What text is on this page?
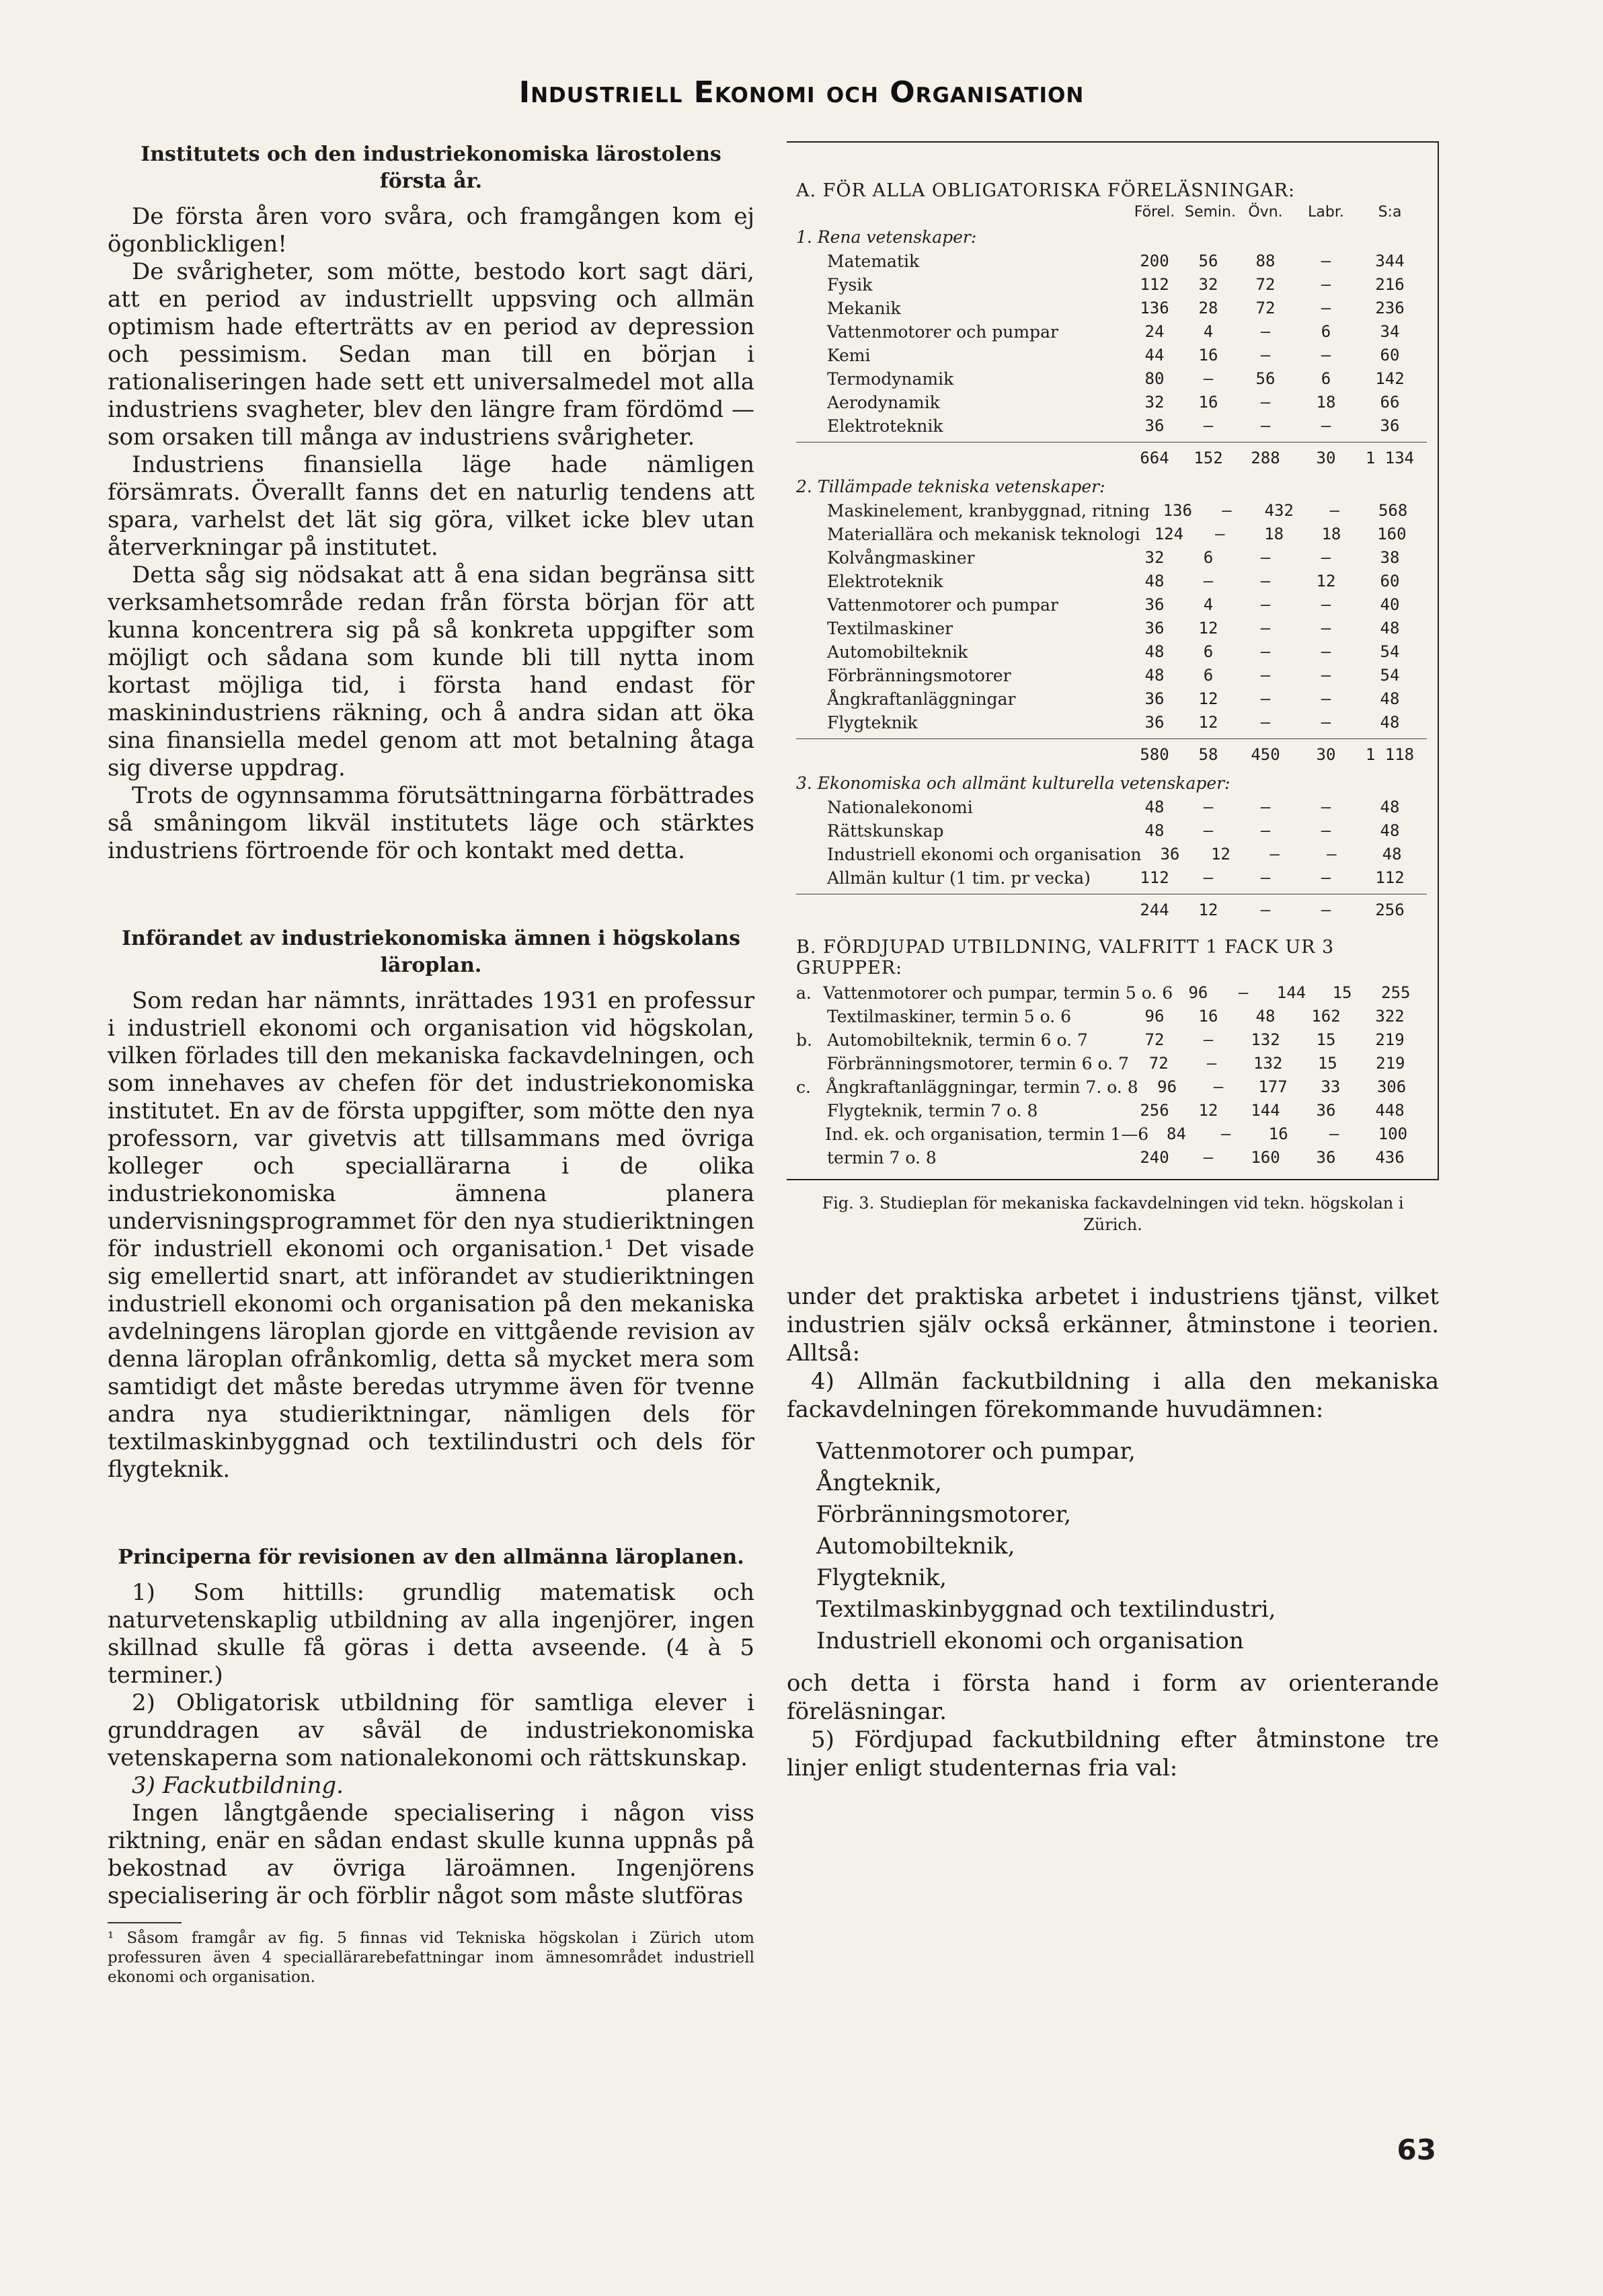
Industriell Ekonomi och Organisation
Institutets och den industriekonomiska lärostolens första år.

De första åren voro svåra, och framgången kom ej ögonblickligen!

De svårigheter, som mötte, bestodo kort sagt däri, att en period av industriellt uppsving och allmän optimism hade efterträtts av en period av depression och pessimism. Sedan man till en början i rationaliseringen hade sett ett universalmedel mot alla industriens svagheter, blev den längre fram fördömd — som orsaken till många av industriens svårigheter.

Industriens finansiella läge hade nämligen försämrats. Överallt fanns det en naturlig tendens att spara, varhelst det lät sig göra, vilket icke blev utan återverkningar på institutet.

Detta såg sig nödsakat att å ena sidan begränsa sitt verksamhetsområde redan från första början för att kunna koncentrera sig på så konkreta uppgifter som möjligt och sådana som kunde bli till nytta inom kortast möjliga tid, i första hand endast för maskinindustriens räkning, och å andra sidan att öka sina finansiella medel genom att mot betalning åtaga sig diverse uppdrag.

Trots de ogynnsamma förutsättningarna förbättrades så småningom likväl institutets läge och stärktes industriens förtroende för och kontakt med detta.

Införandet av industriekonomiska ämnen i högskolans läroplan.

Som redan har nämnts, inrättades 1931 en professur i industriell ekonomi och organisation vid högskolan, vilken förlades till den mekaniska fackavdelningen, och som innehaves av chefen för det industriekonomiska institutet. En av de första uppgifter, som mötte den nya professorn, var givetvis att tillsammans med övriga kolleger och speciallärarna i de olika industriekonomiska ämnena planera undervisningsprogrammet för den nya studieriktningen för industriell ekonomi och organisation.¹ Det visade sig emellertid snart, att införandet av studieriktningen industriell ekonomi och organisation på den mekaniska avdelningens läroplan gjorde en vittgående revision av denna läroplan ofrånkomlig, detta så mycket mera som samtidigt det måste beredas utrymme även för tvenne andra nya studieriktningar, nämligen dels för textilmaskinbyggnad och textilindustri och dels för flygteknik.

Principerna för revisionen av den allmänna läroplanen.

1) Som hittills: grundlig matematisk och naturvetenskaplig utbildning av alla ingenjörer, ingen skillnad skulle få göras i detta avseende. (4 à 5 terminer.)

2) Obligatorisk utbildning för samtliga elever i grunddragen av såväl de industriekonomiska vetenskaperna som nationalekonomi och rättskunskap.

3) Fackutbildning.

Ingen långtgående specialisering i någon viss riktning, enär en sådan endast skulle kunna uppnås på bekostnad av övriga läroämnen. Ingenjörens specialisering är och förblir något som måste slutföras

¹ Såsom framgår av fig. 5 finnas vid Tekniska högskolan i Zürich utom professuren även 4 speciallärarebefattningar inom ämnesområdet industriell ekonomi och organisation.
A. FÖR ALLA OBLIGATORISKA FÖRELÄSNINGAR:
Förel. Semin. Övn.	Labr.	S:a
1. Rena vetenskaper:
Matematik	200	56	88	—	344
Fysik	112	32	72	—	216
Mekanik	136	28	72	—	236
Vattenmotorer och pumpar	24	4	—	6	34
Kemi	44	16	—	—	60
Termodynamik	80	—	56	6	142
Aerodynamik	32	16	—	18	66
Elektroteknik	36	—	—	—	36
664	152	288	30	1 134
2. Tillämpade tekniska vetenskaper:
Maskinelement, kranbyggnad, ritning 136	—	432	—	568
Materiallära och mekanisk teknologi 124	—	18	18	160
Kolvångmaskiner	32	6	—	—	38
Elektroteknik	48	—	—	12	60
Vattenmotorer och pumpar	36	4	—	—	40
Textilmaskiner	36	12	—	—	48
Automobilteknik	48	6	—	—	54
Förbränningsmotorer	48	6	—	—	54
Ångkraftanläggningar	36	12	—	—	48
Flygteknik	36	12	—	—	48
580	58	450	30	1 118
3. Ekonomiska och allmänt kulturella vetenskaper:
Nationalekonomi	48	—	—	—	48
Rättskunskap	48	—	—	—	48
Industriell ekonomi och organisation	36	12	—	—	48
Allmän kultur (1 tim. pr vecka)	112	—	—	—	112
244	12	—	—	256
B. FÖRDJUPAD UTBILDNING, VALFRITT 1 FACK UR 3 GRUPPER:
a. Vattenmotorer och pumpar, termin 5 o. 6 96	—	144	15	255
Textilmaskiner, termin 5 o. 6	96	16	48	162	322
b. Automobilteknik, termin 6 o. 7	72	—	132	15	219
Förbränningsmotorer, termin 6 o. 7	72	—	132	15	219
c. Ångkraftanläggningar, termin 7. o. 8	96	—	177	33	306
Flygteknik, termin 7 o. 8	256	12	144	36	448
Ind. ek. och organisation, termin 1—6	84	—	16	—	100
termin 7 o. 8	240	—	160	36	436
Fig. 3. Studieplan för mekaniska fackavdelningen vid tekn. högskolan i Zürich.

under det praktiska arbetet i industriens tjänst, vilket industrien själv också erkänner, åtminstone i teorien. Alltså:

4) Allmän fackutbildning i alla den mekaniska fackavdelningen förekommande huvudämnen:

Vattenmotorer och pumpar,
Ångteknik,
Förbränningsmotorer,
Automobilteknik,
Flygteknik,
Textilmaskinbyggnad och textilindustri,
Industriell ekonomi och organisation

och detta i första hand i form av orienterande föreläsningar.

5) Fördjupad fackutbildning efter åtminstone tre linjer enligt studenternas fria val:

63
